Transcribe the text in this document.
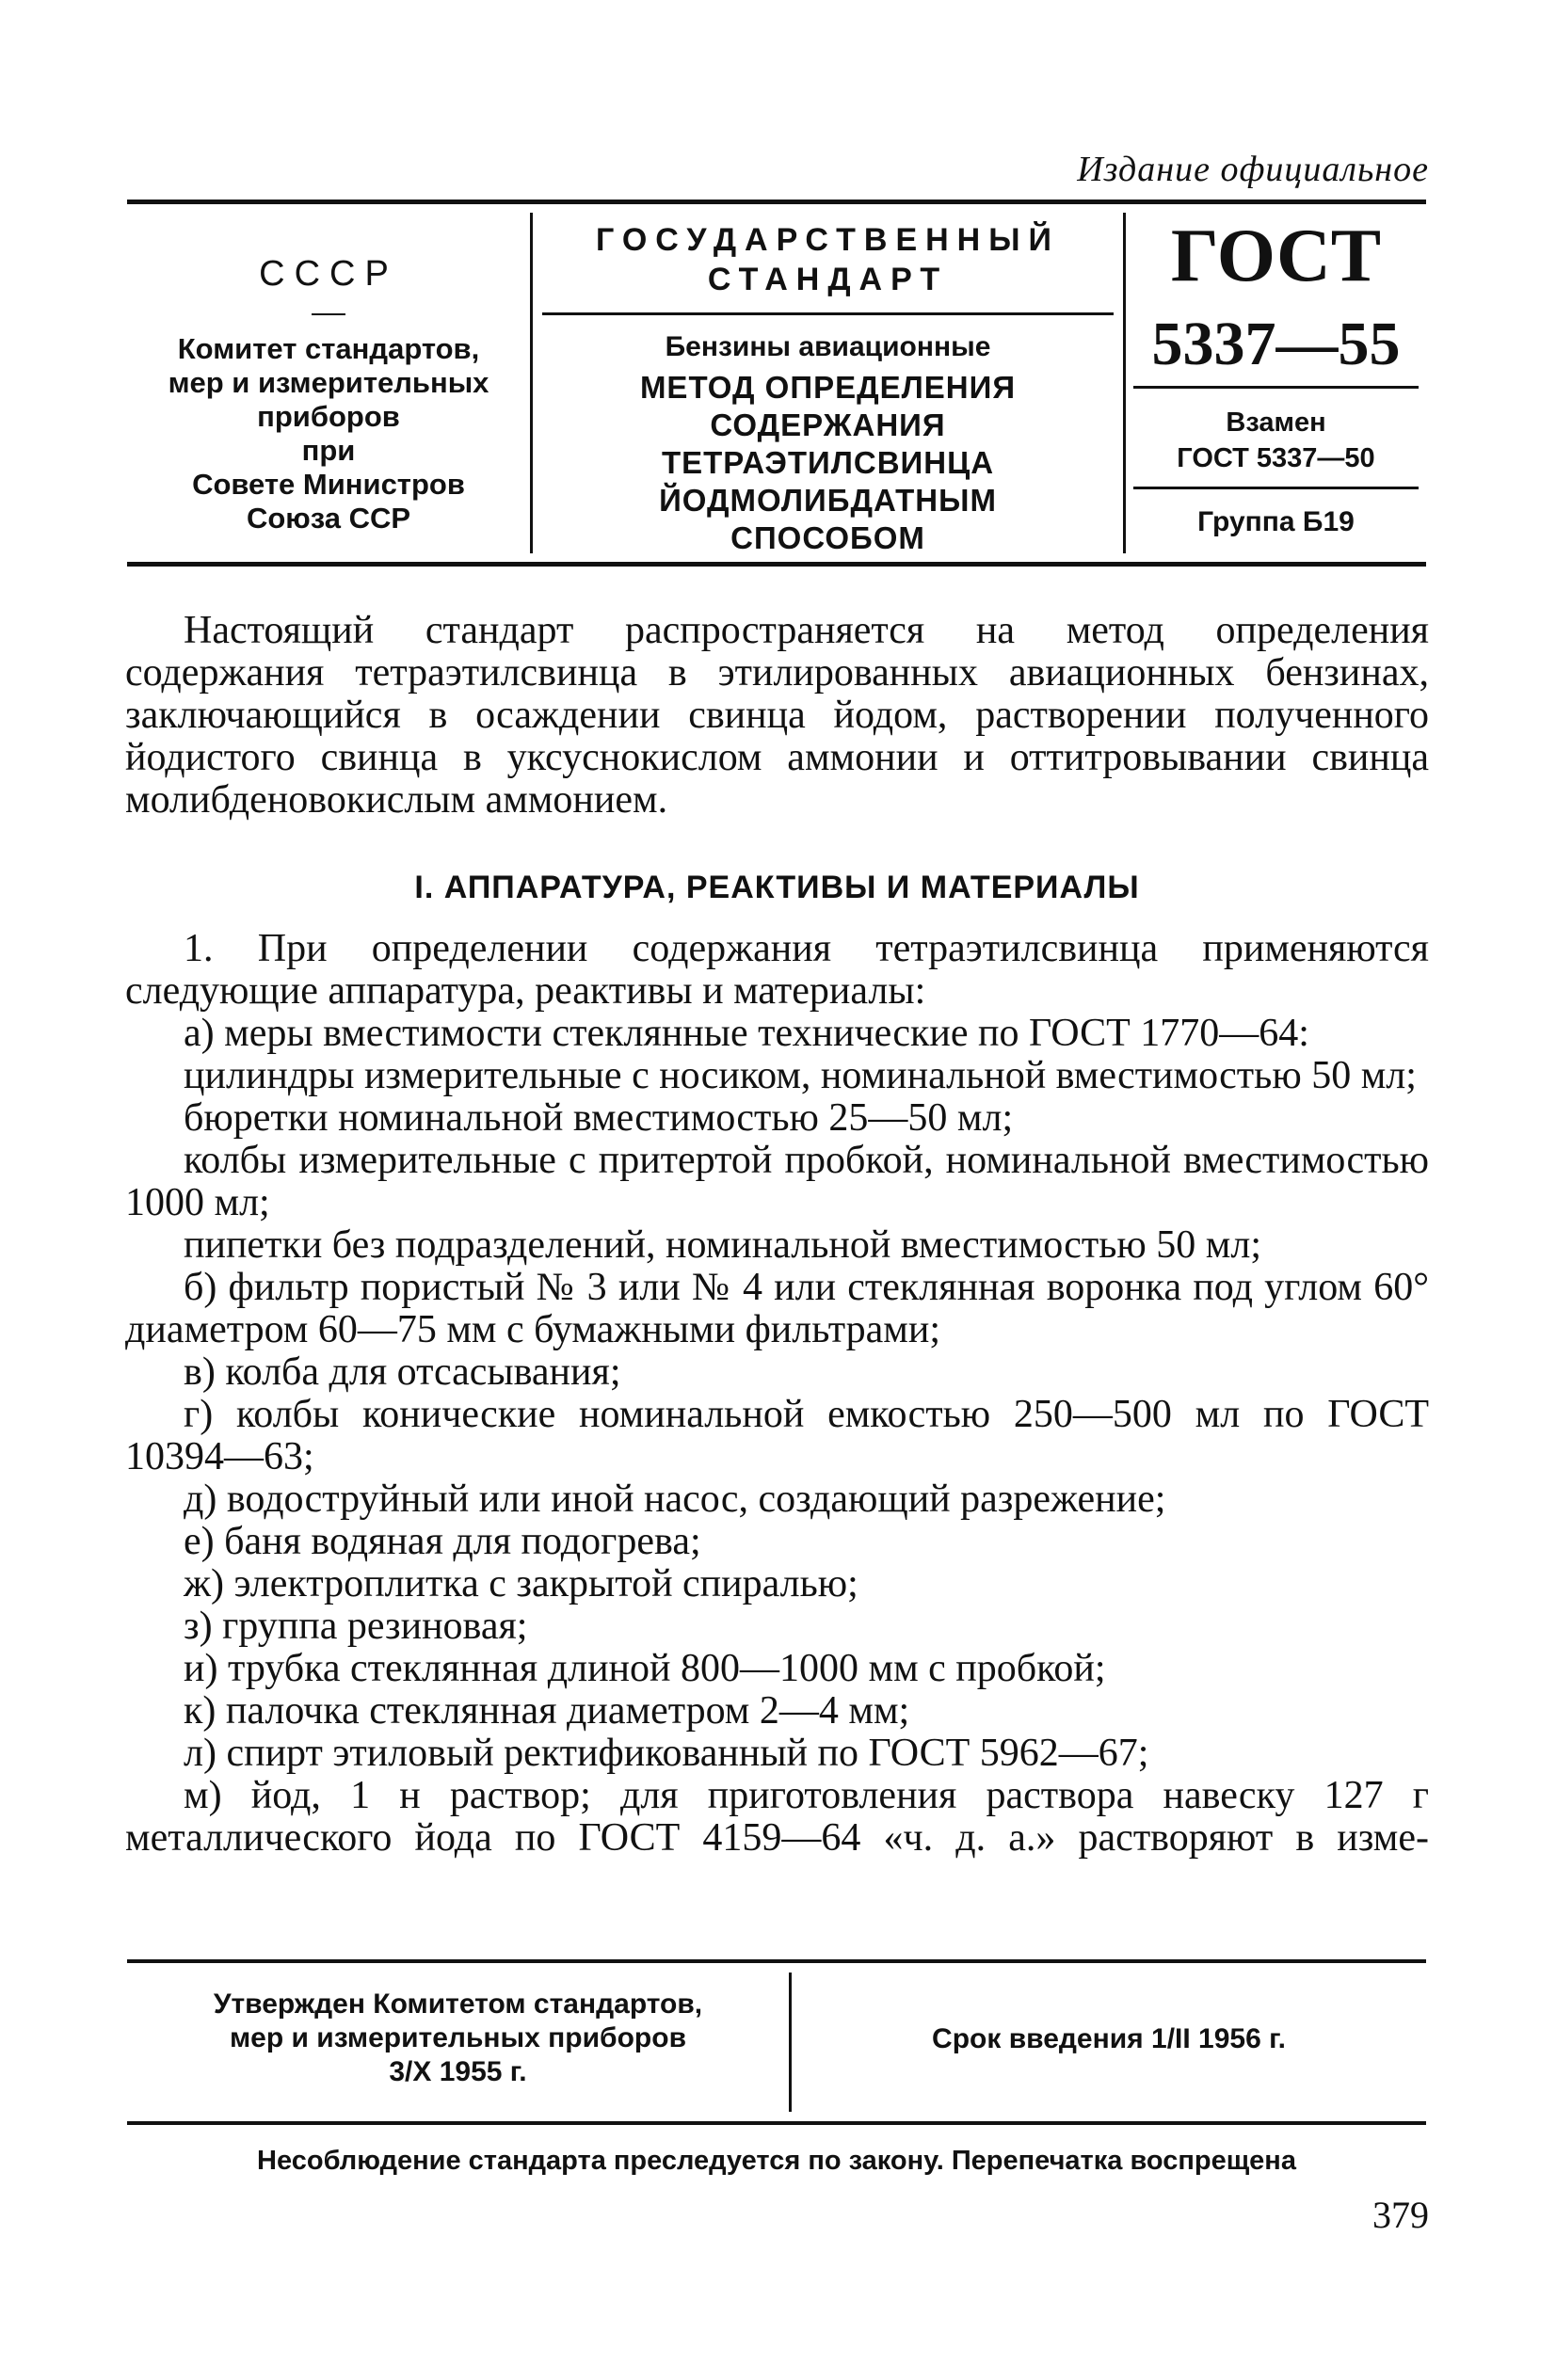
Издание официальное
СССР
Комитет стандартов,
мер и измерительных
приборов
при
Совете Министров
Союза ССР
ГОСУДАРСТВЕННЫЙ
СТАНДАРТ
Бензины авиационные
МЕТОД ОПРЕДЕЛЕНИЯ
СОДЕРЖАНИЯ
ТЕТРАЭТИЛСВИНЦА
ЙОДМОЛИБДАТНЫМ
СПОСОБОМ
ГОСТ
5337—55
Взамен
ГОСТ 5337—50
Группа Б19

Настоящий стандарт распространяется на метод определения содержания тетраэтилсвинца в этилированных авиационных бензинах, заключающийся в осаждении свинца йодом, растворении полученного йодистого свинца в уксуснокислом аммонии и оттитровывании свинца молибденовокислым аммонием.

I. АППАРАТУРА, РЕАКТИВЫ И МАТЕРИАЛЫ

1. При определении содержания тетраэтилсвинца применяются следующие аппаратура, реактивы и материалы:

а) меры вместимости стеклянные технические по ГОСТ 1770—64:

цилиндры измерительные с носиком, номинальной вместимостью 50 мл;

бюретки номинальной вместимостью 25—50 мл;

колбы измерительные с притертой пробкой, номинальной вместимостью 1000 мл;

пипетки без подразделений, номинальной вместимостью 50 мл;

б) фильтр пористый № 3 или № 4 или стеклянная воронка под углом 60° диаметром 60—75 мм с бумажными фильтрами;

в) колба для отсасывания;

г) колбы конические номинальной емкостью 250—500 мл по ГОСТ 10394—63;

д) водоструйный или иной насос, создающий разрежение;

е) баня водяная для подогрева;

ж) электроплитка с закрытой спиралью;

з) группа резиновая;

и) трубка стеклянная длиной 800—1000 мм с пробкой;

к) палочка стеклянная диаметром 2—4 мм;

л) спирт этиловый ректификованный по ГОСТ 5962—67;

м) йод, 1 н раствор; для приготовления раствора навеску 127 г металлического йода по ГОСТ 4159—64 «ч. д. а.» растворяют в изме-

Утвержден Комитетом стандартов,
мер и измерительных приборов
3/X 1955 г.
Срок введения 1/II 1956 г.
Несоблюдение стандарта преследуется по закону. Перепечатка воспрещена
379
